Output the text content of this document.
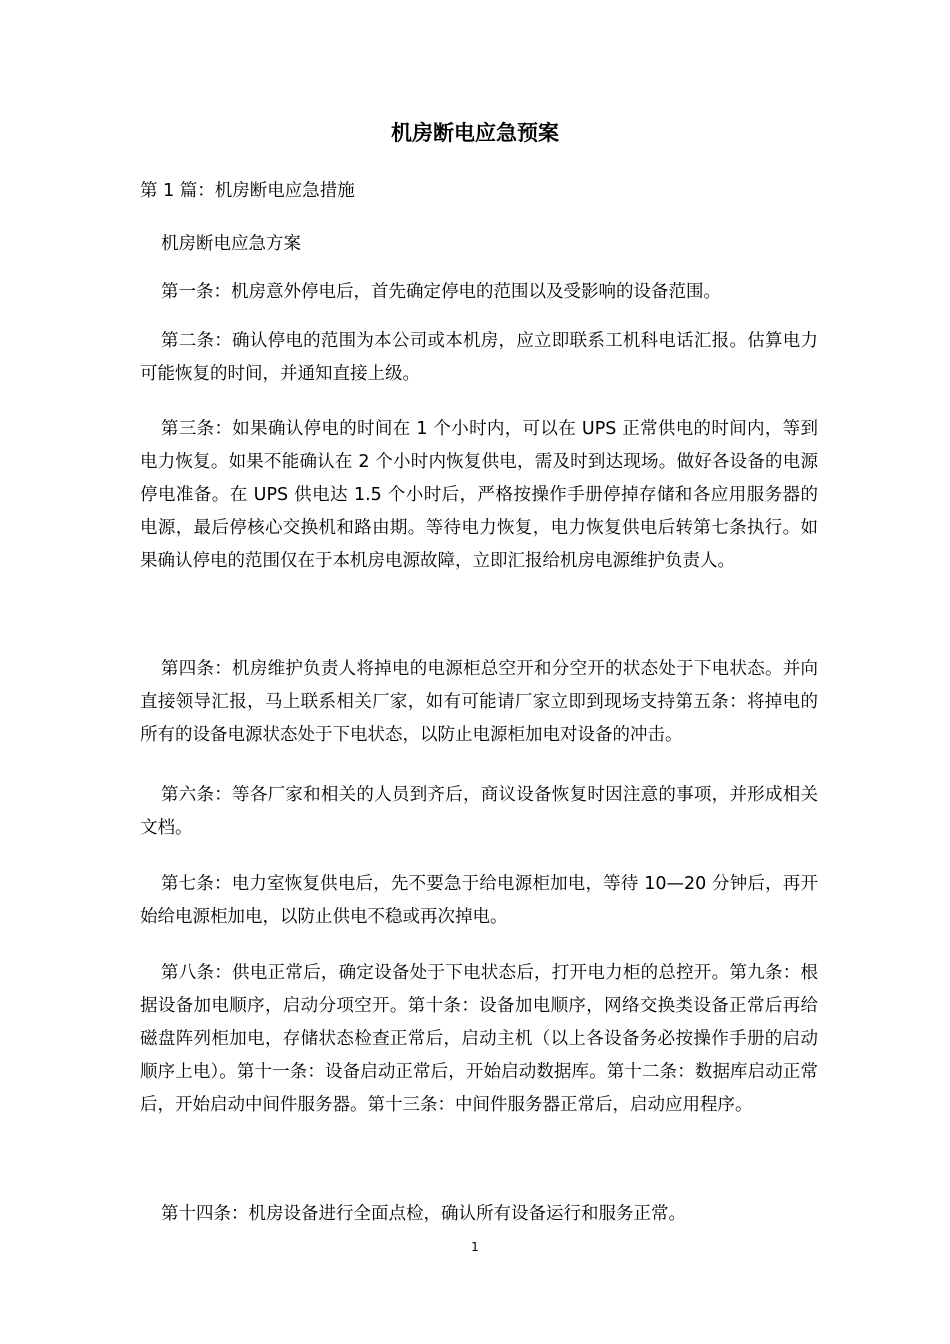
机房断电应急预案

第 1 篇：机房断电应急措施

机房断电应急方案

第一条：机房意外停电后，首先确定停电的范围以及受影响的设备范围。

第二条：确认停电的范围为本公司或本机房，应立即联系工机科电话汇报。估算电力可能恢复的时间，并通知直接上级。

第三条：如果确认停电的时间在 1 个小时内，可以在 UPS 正常供电的时间内，等到电力恢复。如果不能确认在 2 个小时内恢复供电，需及时到达现场。做好各设备的电源停电准备。在 UPS 供电达 1.5 个小时后，严格按操作手册停掉存储和各应用服务器的电源，最后停核心交换机和路由期。等待电力恢复，电力恢复供电后转第七条执行。如果确认停电的范围仅在于本机房电源故障，立即汇报给机房电源维护负责人。

第四条：机房维护负责人将掉电的电源柜总空开和分空开的状态处于下电状态。并向直接领导汇报，马上联系相关厂家，如有可能请厂家立即到现场支持第五条：将掉电的所有的设备电源状态处于下电状态，以防止电源柜加电对设备的冲击。

第六条：等各厂家和相关的人员到齐后，商议设备恢复时因注意的事项，并形成相关文档。

第七条：电力室恢复供电后，先不要急于给电源柜加电，等待 10—20 分钟后，再开始给电源柜加电，以防止供电不稳或再次掉电。

第八条：供电正常后，确定设备处于下电状态后，打开电力柜的总控开。第九条：根据设备加电顺序，启动分项空开。第十条：设备加电顺序，网络交换类设备正常后再给磁盘阵列柜加电，存储状态检查正常后，启动主机（以上各设备务必按操作手册的启动顺序上电）。第十一条：设备启动正常后，开始启动数据库。第十二条：数据库启动正常后，开始启动中间件服务器。第十三条：中间件服务器正常后，启动应用程序。

第十四条：机房设备进行全面点检，确认所有设备运行和服务正常。

1
